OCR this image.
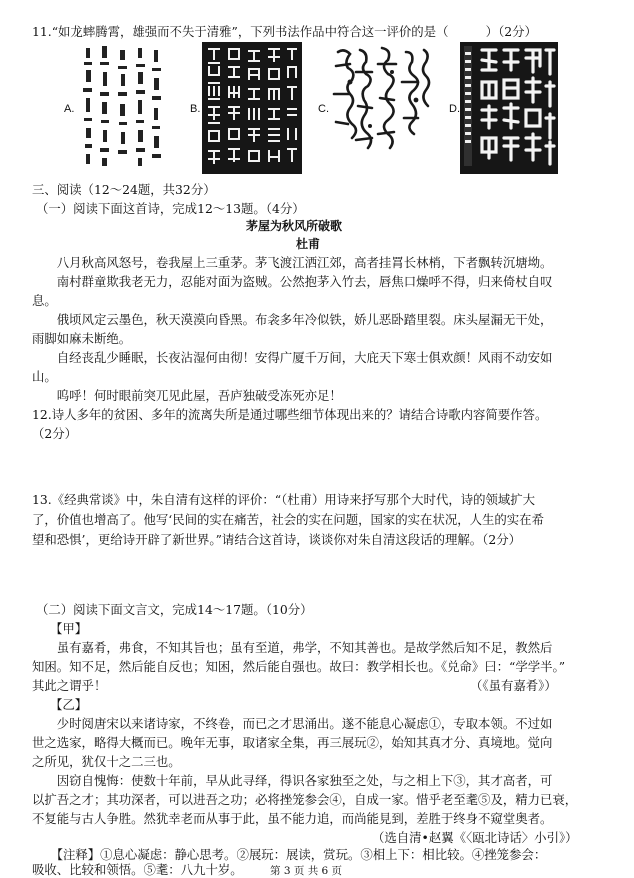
11.“如龙蟀腾霄，雄强而不失于清雅”，下列书法作品中符合这一评价的是（　　　）（2分）
A.	B.	C.	D.
三、阅读（12～24题，共32分）
（一）阅读下面这首诗，完成12～13题。（4分）
茅屋为秋风所破歌
杜甫
　　八月秋高风怒号，卷我屋上三重茅。茅飞渡江洒江郊，高者挂罥长林梢，下者飘转沉塘坳。
　　南村群童欺我老无力，忍能对面为盗贼。公然抱茅入竹去，唇焦口燥呼不得，归来倚杖自叹
息。
　　俄顷风定云墨色，秋天漠漠向昏黑。布衾多年冷似铁，娇儿恶卧踏里裂。床头屋漏无干处，
雨脚如麻未断绝。
　　自经丧乱少睡眠，长夜沾湿何由彻！安得广厦千万间，大庇天下寒士俱欢颜！风雨不动安如
山。
　　呜呼！何时眼前突兀见此屋，吾庐独破受冻死亦足！
12.诗人多年的贫困、多年的流离失所是通过哪些细节体现出来的？请结合诗歌内容简要作答。
（2分）
13.《经典常谈》中，朱自清有这样的评价：“（杜甫）用诗来抒写那个大时代，诗的领域扩大
了，价值也增高了。他写‘民间的实在痛苦，社会的实在问题，国家的实在状况，人生的实在希
望和恐惧’，更给诗开辟了新世界。”请结合这首诗，谈谈你对朱自清这段话的理解。（2分）
（二）阅读下面文言文，完成14～17题。（10分）
【甲】
　　虽有嘉肴，弗食，不知其旨也；虽有至道，弗学，不知其善也。是故学然后知不足，教然后
知困。知不足，然后能自反也；知困，然后能自强也。故曰：教学相长也。《兑命》曰：“学学半。”
其此之谓乎！	（《虽有嘉肴》）
【乙】
　　少时阅唐宋以来诸诗家，不终卷，而已之才思涌出。遂不能息心凝虑①，专取本领。不过如
世之选家，略得大概而已。晚年无事，取诸家全集，再三展玩②，始知其真才分、真境地。觉向
之所见，犹仅十之二三也。
　　因窃自愧悔：使数十年前，早从此寻绎，得识各家独至之处，与之相上下③，其才高者，可
以扩吾之才；其功深者，可以进吾之功；必将挫笼参会④，自成一家。惜乎老至耄⑤及，精力已衰，
不复能与古人争胜。然犹幸老而从事于此，虽不能力追，而尚能見到，差胜于终身不窥堂奥者。
（选自清•赵翼《〈瓯北诗话〉小引》）
　　【注释】①息心凝虑：静心思考。②展玩：展读，赏玩。③相上下：相比较。④挫笼参会：
吸收、比较和领悟。⑤耄：八九十岁。	第 3 页 共 6 页
